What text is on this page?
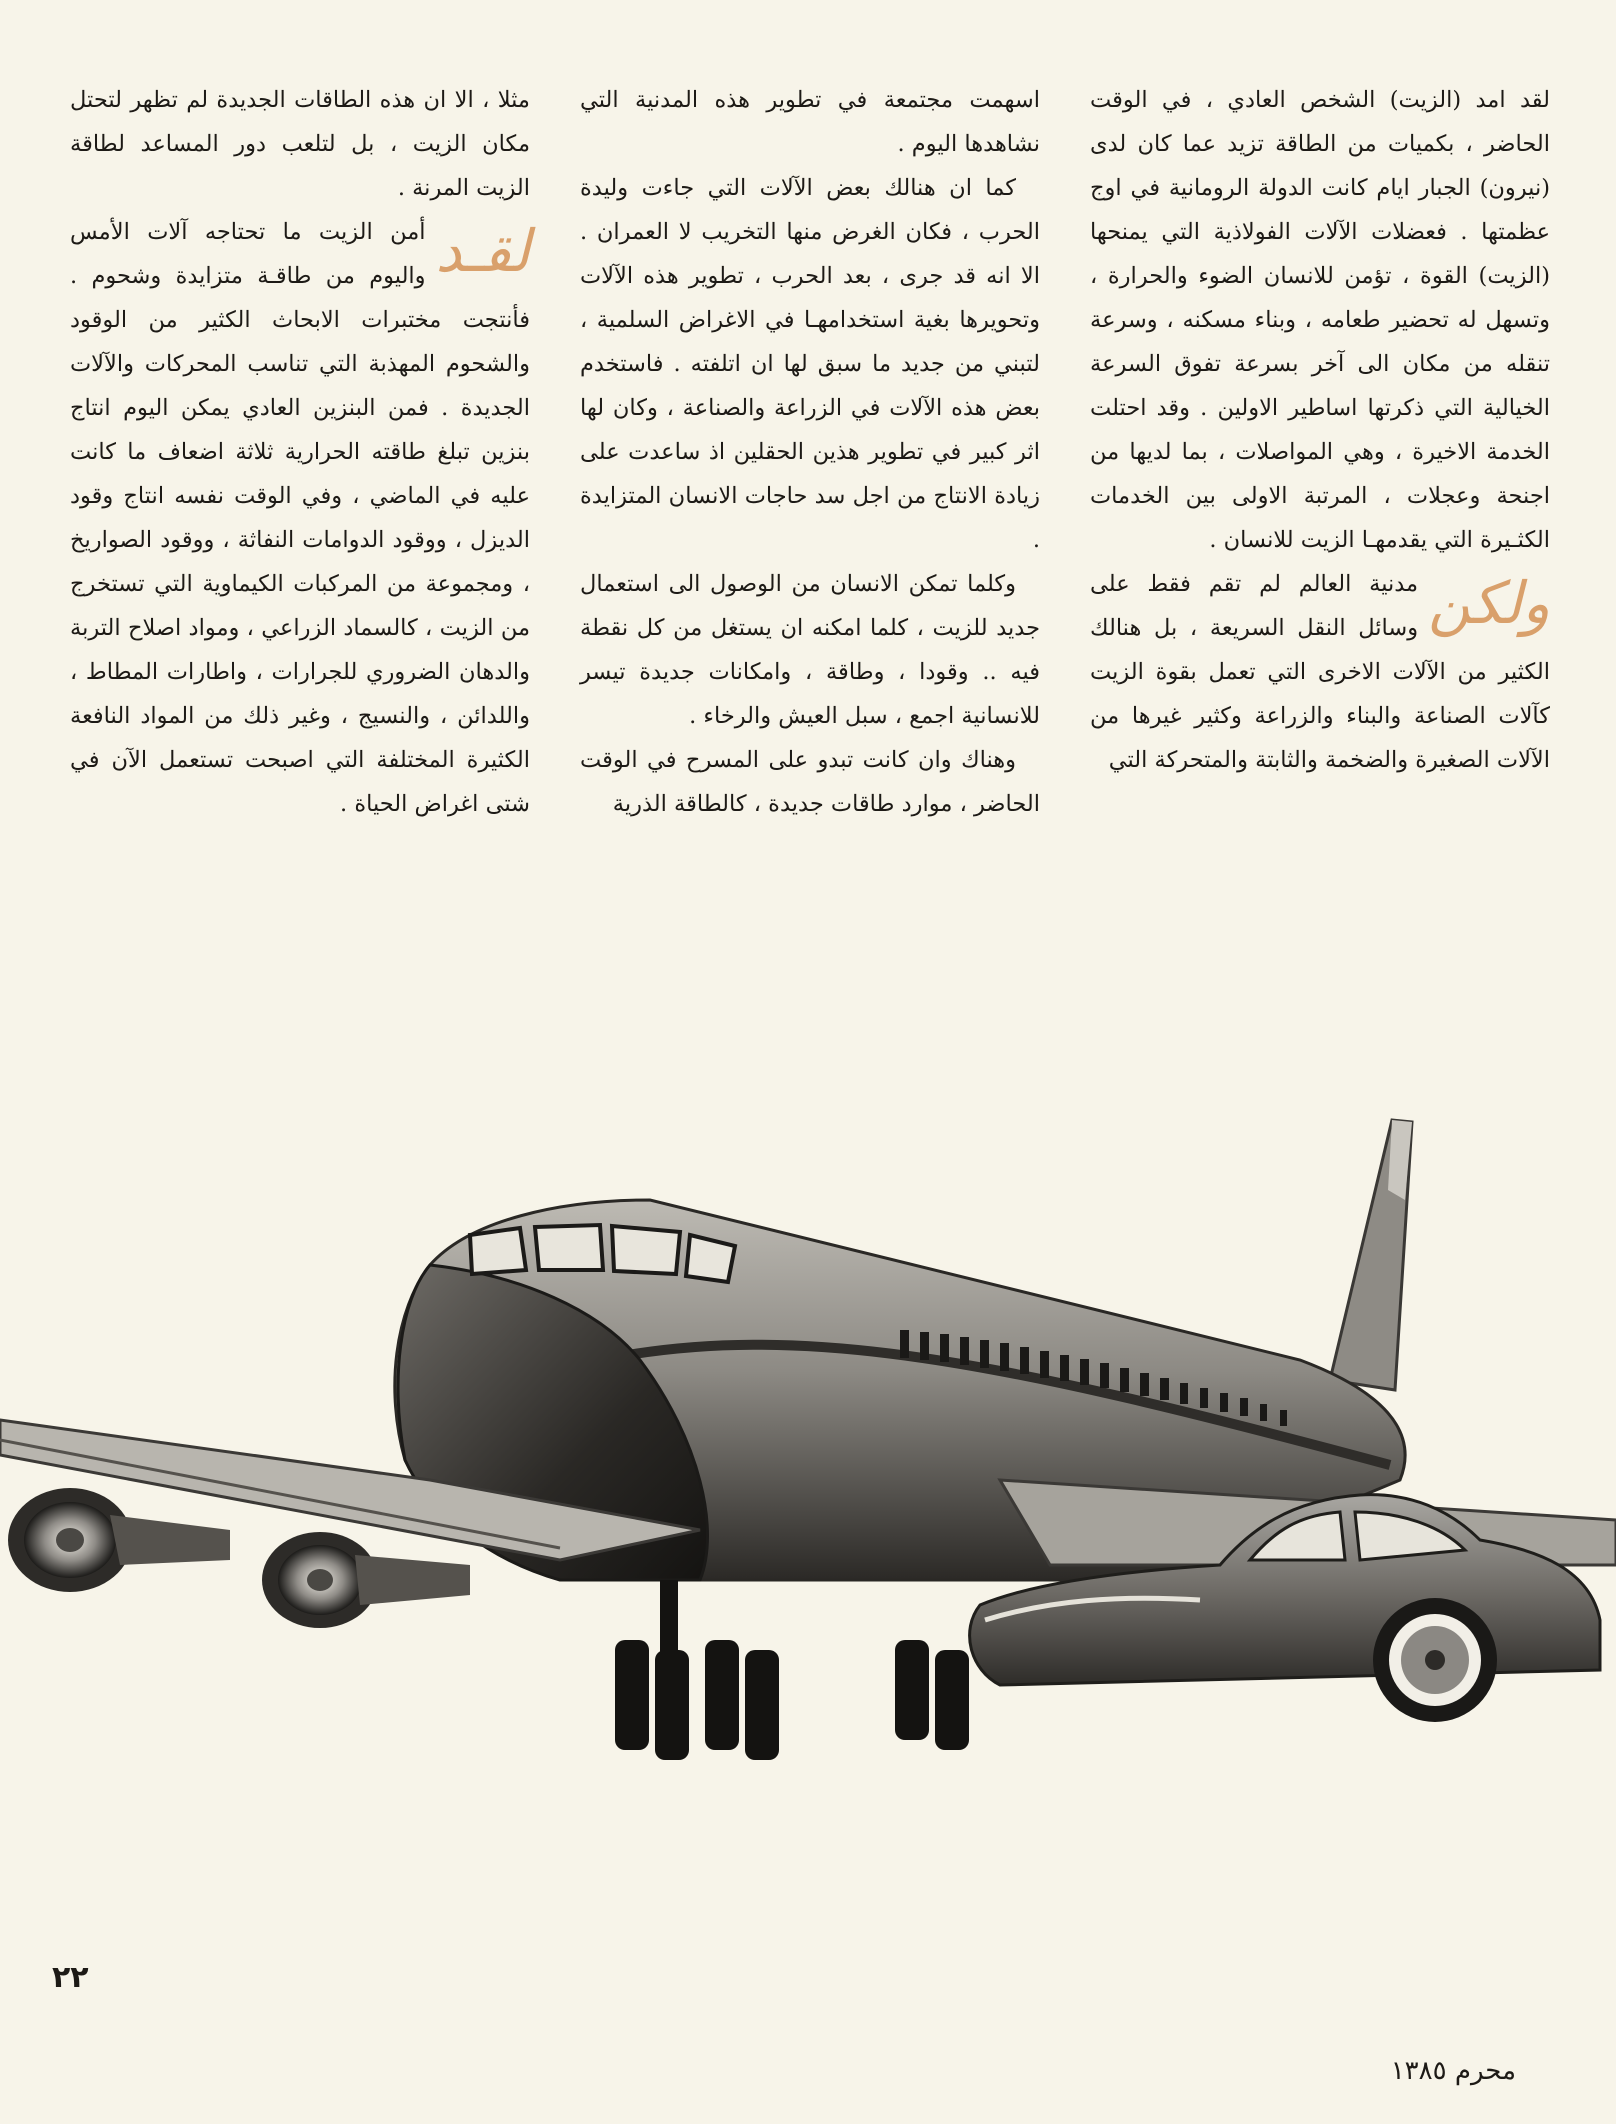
لقد امد (الزيت) الشخص العادي ، في الوقت الحاضر ، بكميات من الطاقة تزيد عما كان لدى (نيرون) الجبار ايام كانت الدولة الرومانية في اوج عظمتها . فعضلات الآلات الفولاذية التي يمنحها (الزيت) القوة ، تؤمن للانسان الضوء والحرارة ، وتسهل له تحضير طعامه ، وبناء مسكنه ، وسرعة تنقله من مكان الى آخر بسرعة تفوق السرعة الخيالية التي ذكرتها اساطير الاولين . وقد احتلت الخدمة الاخيرة ، وهي المواصلات ، بما لديها من اجنحة وعجلات ، المرتبة الاولى بين الخدمات الكثـيرة التي يقدمهـا الزيت للانسان .

ولكن
مدنية العالم لم تقم فقط على وسائل النقل السريعة ، بل هنالك الكثير من الآلات الاخرى التي تعمل بقوة الزيت كآلات الصناعة والبناء والزراعة وكثير غيرها من الآلات الصغيرة والضخمة والثابتة والمتحركة التي

اسهمت مجتمعة في تطوير هذه المدنية التي نشاهدها اليوم .

كما ان هنالك بعض الآلات التي جاءت وليدة الحرب ، فكان الغرض منها التخريب لا العمران . الا انه قد جرى ، بعد الحرب ، تطوير هذه الآلات وتحويرها بغية استخدامهـا في الاغراض السلمية ، لتبني من جديد ما سبق لها ان اتلفته . فاستخدم بعض هذه الآلات في الزراعة والصناعة ، وكان لها اثر كبير في تطوير هذين الحقلين اذ ساعدت على زيادة الانتاج من اجل سد حاجات الانسان المتزايدة .

وكلما تمكن الانسان من الوصول الى استعمال جديد للزيت ، كلما امكنه ان يستغل من كل نقطة فيه .. وقودا ، وطاقة ، وامكانات جديدة تيسر للانسانية اجمع ، سبل العيش والرخاء .

وهناك وان كانت تبدو على المسرح في الوقت الحاضر ، موارد طاقات جديدة ، كالطاقة الذرية

مثلا ، الا ان هذه الطاقات الجديدة لم تظهر لتحتل مكان الزيت ، بل لتلعب دور المساعد لطاقة الزيت المرنة .

لقـد
أمن الزيت ما تحتاجه آلات الأمس واليوم من طاقـة متزايدة وشحوم . فأنتجت مختبرات الابحاث الكثير من الوقود والشحوم المهذبة التي تناسب المحركات والآلات الجديدة . فمن البنزين العادي يمكن اليوم انتاج بنزين تبلغ طاقته الحرارية ثلاثة اضعاف ما كانت عليه في الماضي ، وفي الوقت نفسه انتاج وقود الديزل ، ووقود الدوامات النفاثة ، ووقود الصواريخ ، ومجموعة من المركبات الكيماوية التي تستخرج من الزيت ، كالسماد الزراعي ، ومواد اصلاح التربة والدهان الضروري للجرارات ، واطارات المطاط ، واللدائن ، والنسيج ، وغير ذلك من المواد النافعة الكثيرة المختلفة التي اصبحت تستعمل الآن في شتى اغراض الحياة .

٢٢
محرم ١٣٨٥
